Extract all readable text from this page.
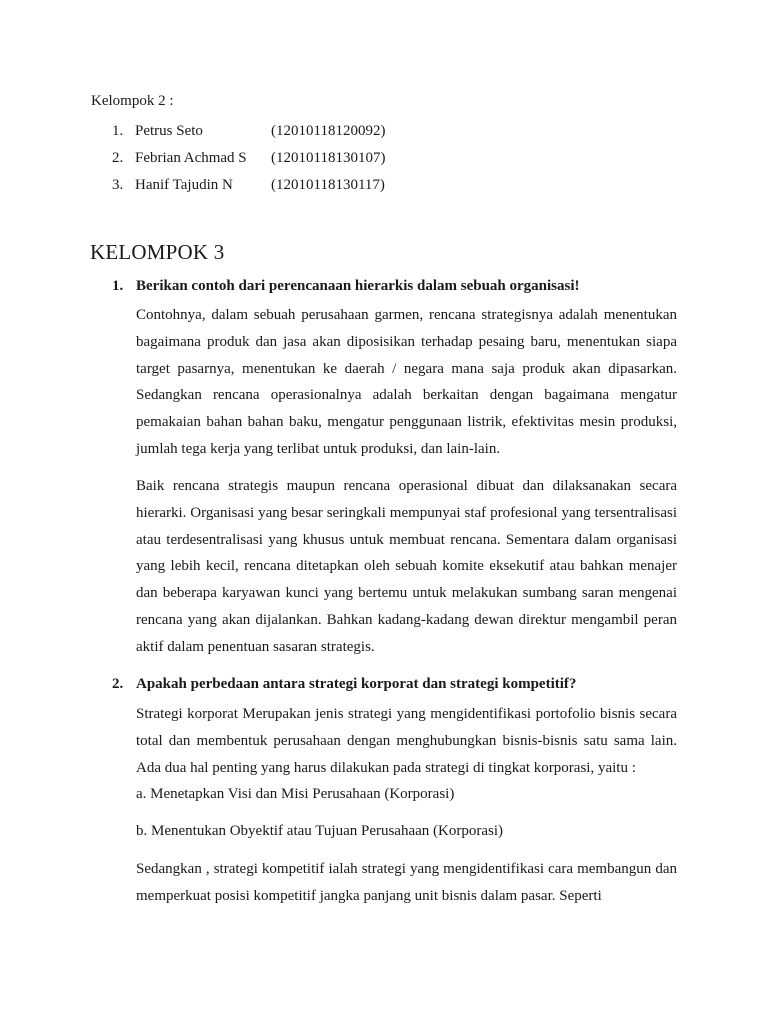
Kelompok 2 :
1. Petrus Seto	(12010118120092)
2. Febrian Achmad S (12010118130107)
3. Hanif Tajudin N	(12010118130117)
KELOMPOK 3
1. Berikan contoh dari perencanaan hierarkis dalam sebuah organisasi!

Contohnya, dalam sebuah perusahaan garmen, rencana strategisnya adalah menentukan bagaimana produk dan jasa akan diposisikan terhadap pesaing baru, menentukan siapa target pasarnya, menentukan ke daerah / negara mana saja produk akan dipasarkan. Sedangkan rencana operasionalnya adalah berkaitan dengan bagaimana mengatur pemakaian bahan bahan baku, mengatur penggunaan listrik, efektivitas mesin produksi, jumlah tega kerja yang terlibat untuk produksi, dan lain-lain.

Baik rencana strategis maupun rencana operasional dibuat dan dilaksanakan secara hierarki. Organisasi yang besar seringkali mempunyai staf profesional yang tersentralisasi atau terdesentralisasi yang khusus untuk membuat rencana. Sementara dalam organisasi yang lebih kecil, rencana ditetapkan oleh sebuah komite eksekutif atau bahkan menajer dan beberapa karyawan kunci yang bertemu untuk melakukan sumbang saran mengenai rencana yang akan dijalankan. Bahkan kadang-kadang dewan direktur mengambil peran aktif dalam penentuan sasaran strategis.

2. Apakah perbedaan antara strategi korporat dan strategi kompetitif?

Strategi korporat Merupakan jenis strategi yang mengidentifikasi portofolio bisnis secara total dan membentuk perusahaan dengan menghubungkan bisnis-bisnis satu sama lain. Ada dua hal penting yang harus dilakukan pada strategi di tingkat korporasi, yaitu :

a. Menetapkan Visi dan Misi Perusahaan (Korporasi)
b. Menentukan Obyektif atau Tujuan Perusahaan (Korporasi)

Sedangkan , strategi kompetitif ialah strategi yang mengidentifikasi cara membangun dan memperkuat posisi kompetitif jangka panjang unit bisnis dalam pasar. Seperti
